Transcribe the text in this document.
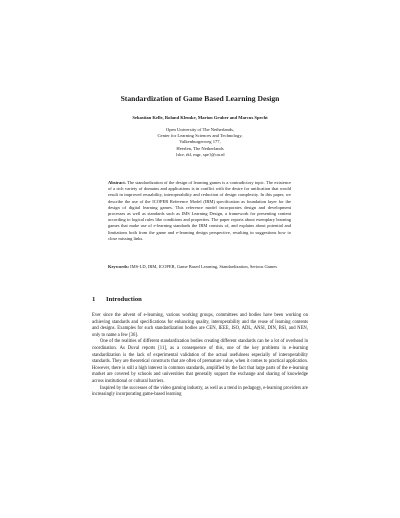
Standardization of Game Based Learning Design
Sebastian Kelle, Roland Klemke, Marion Gruber and Marcus Specht
Open University of The Netherlands,
Center for Learning Sciences and Technology,
Valkenburgerweg 177,
Heerlen, The Netherlands
{ske, rkl, mgr, spe}@ou.nl

Abstract. The standardization of the design of learning games is a contradictory topic. The existence of a rich variety of domains and applications is in conflict with the desire for unification that would result in improved reusability, interoperability and reduction of design complexity. In this paper, we describe the use of the ICOPER Reference Model (IRM) specification as foundation layer for the design of digital learning games. This reference model incorporates design and development processes as well as standards such as IMS Learning Design, a framework for presenting content according to logical rules like conditions and properties. The paper reports about exemplary learning games that make use of e-learning standards the IRM consists of, and explains about potential and limitations both from the game and e-learning design perspective, resulting in suggestions how to close missing links.

Keywords: IMS-LD, IRM, ICOPER, Game Based Learning, Standardization, Serious Games

1 Introduction

Ever since the advent of e-learning, various working groups, committees and bodies have been working on achieving standards and specifications for enhancing quality, interoperability and the reuse of learning contents and designs. Examples for such standardization bodies are CEN, IEEE, ISO, ADL, ANSI, DIN, BSI, and NEN, only to name a few [36].

One of the realities of different standardization bodies creating different standards can be a lot of overhead in coordination. As Duval reports [11], as a consequence of this, one of the key problems in e-learning standardization is the lack of experimental validation of the actual usefulness especially of interoperability standards. They are theoretical constructs that are often of premature value, when it comes to practical application. However, there is still a high interest in common standards, amplified by the fact that large parts of the e-learning market are covered by schools and universities that generally support the exchange and sharing of knowledge across institutional or cultural barriers.

Inspired by the successes of the video gaming industry, as well as a trend in pedagogy, e-learning providers are increasingly incorporating game-based learning
